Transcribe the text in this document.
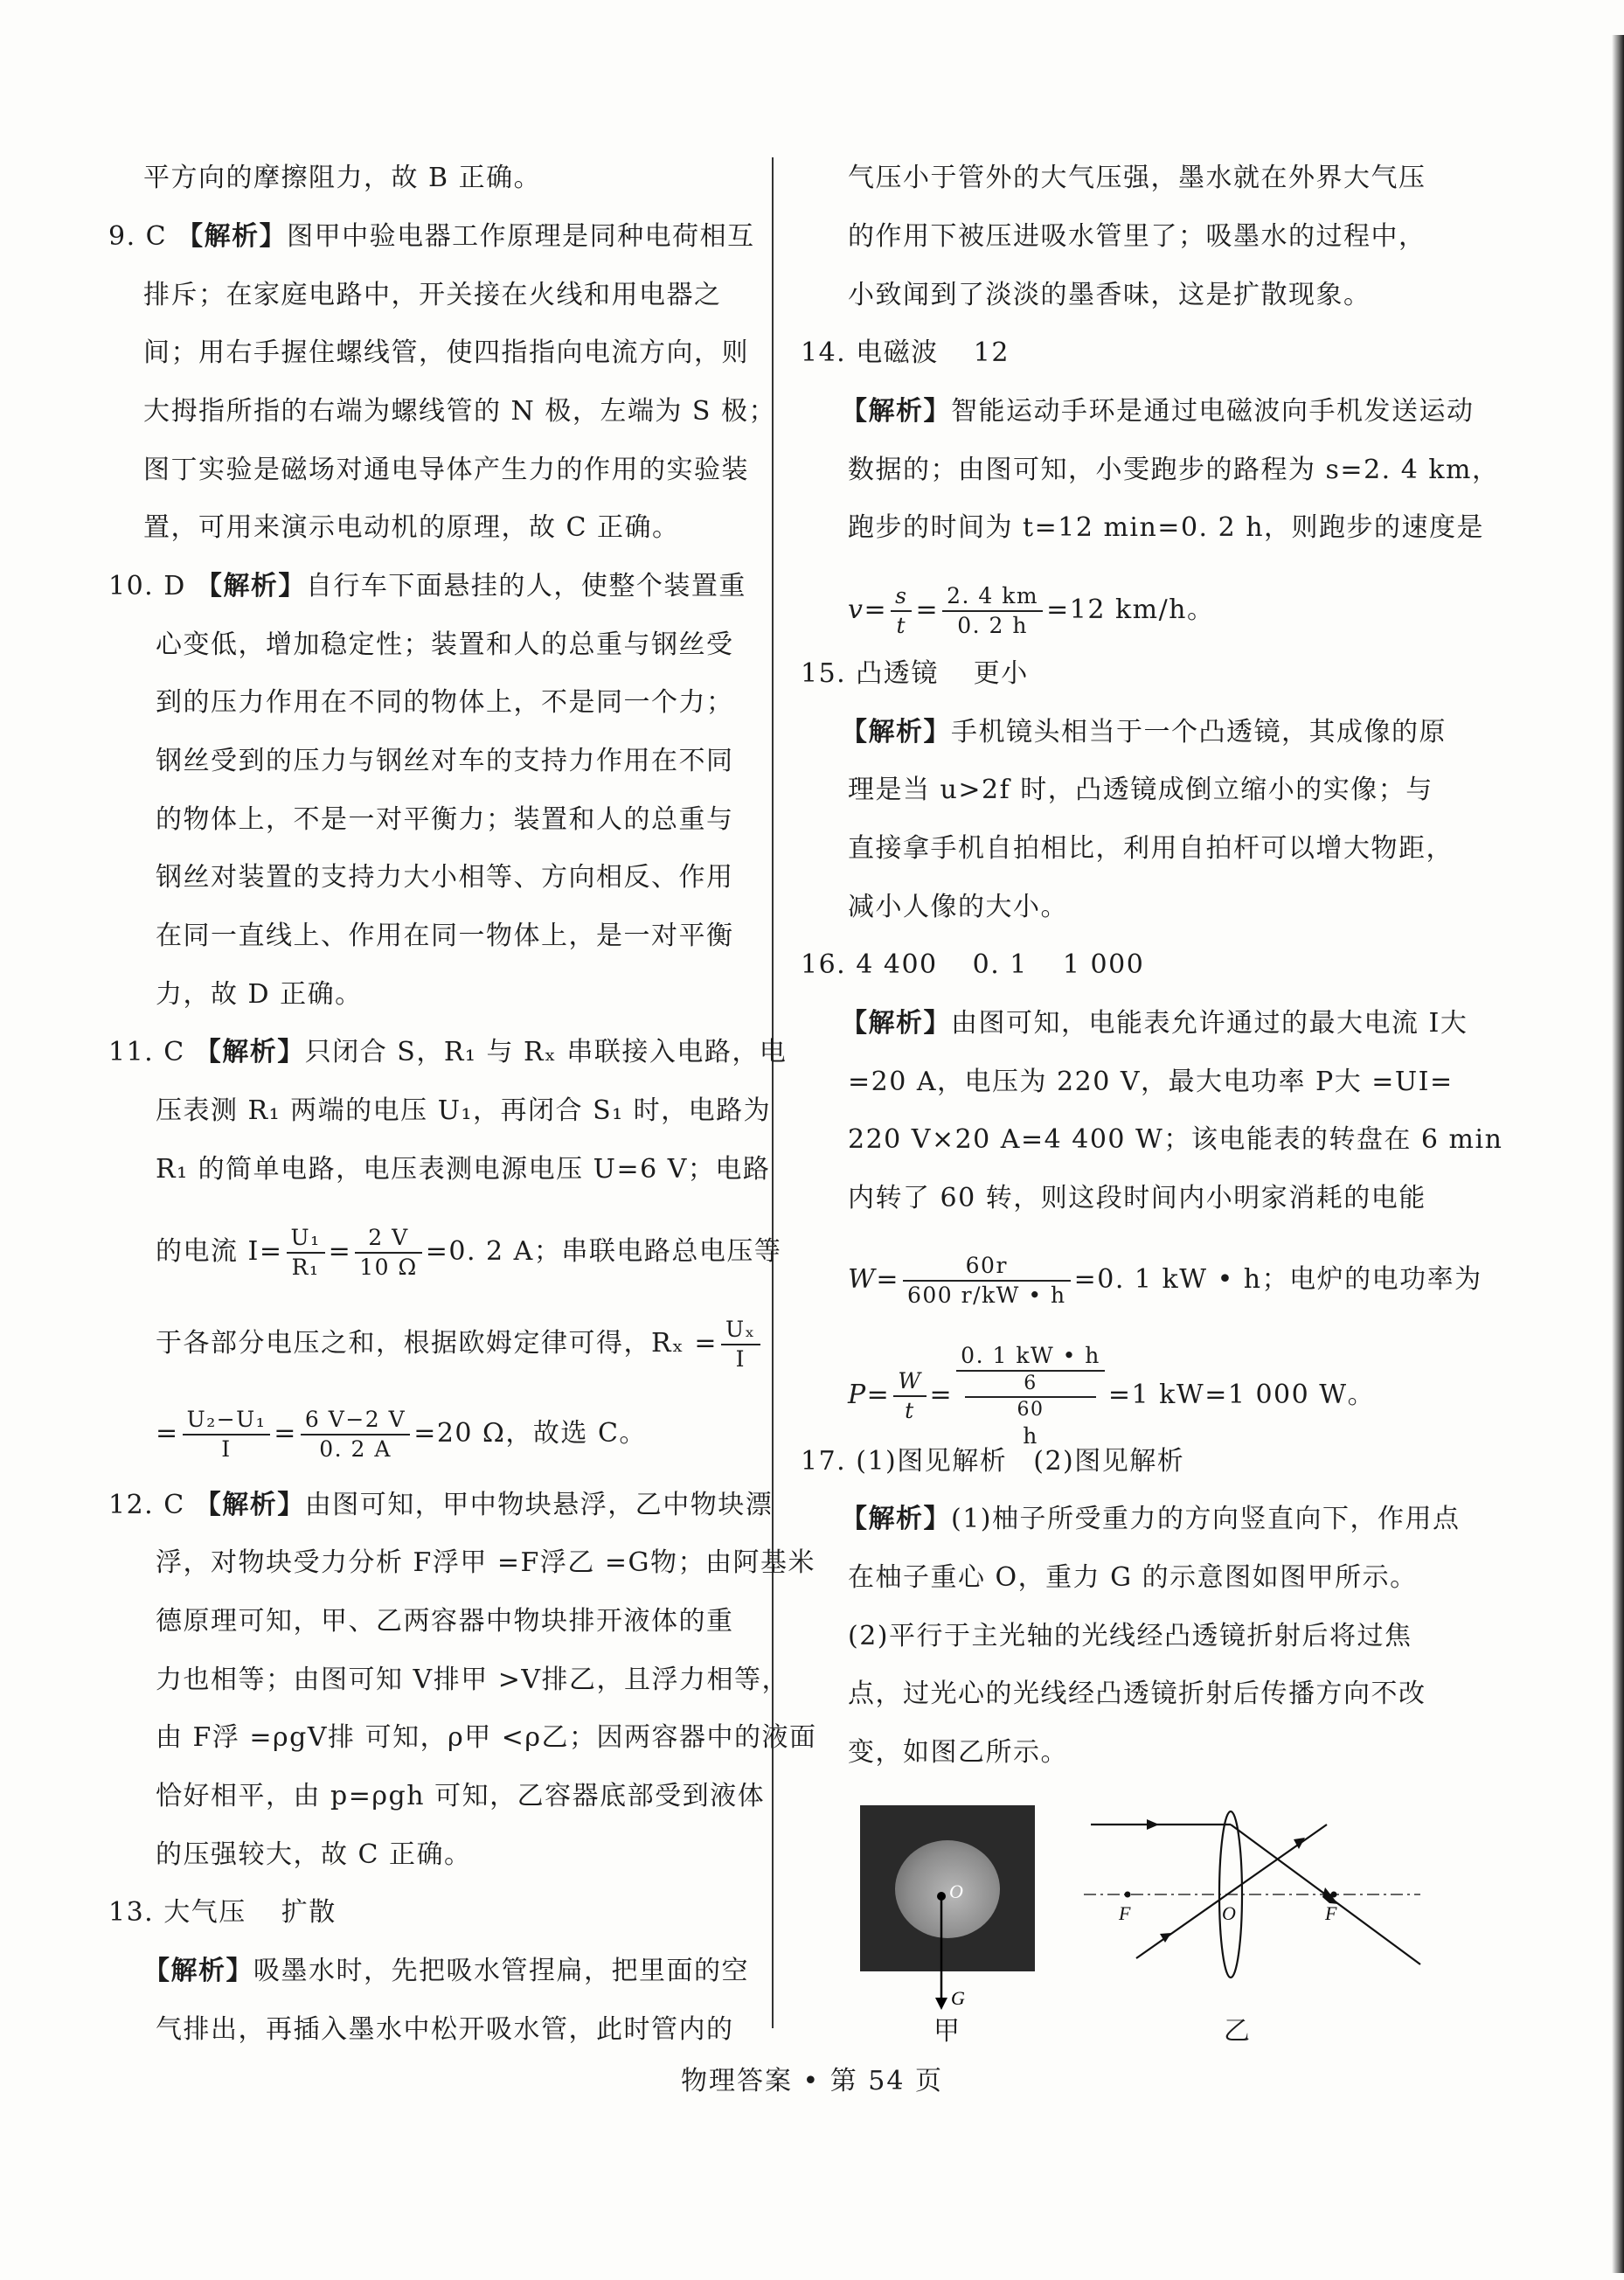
平方向的摩擦阻力，故 B 正确。
9. C 【解析】图甲中验电器工作原理是同种电荷相互
排斥；在家庭电路中，开关接在火线和用电器之
间；用右手握住螺线管，使四指指向电流方向，则
大拇指所指的右端为螺线管的 N 极，左端为 S 极；
图丁实验是磁场对通电导体产生力的作用的实验装
置，可用来演示电动机的原理，故 C 正确。
10. D 【解析】自行车下面悬挂的人，使整个装置重
心变低，增加稳定性；装置和人的总重与钢丝受
到的压力作用在不同的物体上，不是同一个力；
钢丝受到的压力与钢丝对车的支持力作用在不同
的物体上，不是一对平衡力；装置和人的总重与
钢丝对装置的支持力大小相等、方向相反、作用
在同一直线上、作用在同一物体上，是一对平衡
力，故 D 正确。
11. C 【解析】只闭合 S，R₁ 与 Rₓ 串联接入电路，电
压表测 R₁ 两端的电压 U₁，再闭合 S₁ 时，电路为
R₁ 的简单电路，电压表测电源电压 U=6 V；电路
的电流 $I= \frac{\text{U₁}}{\text{R₁}} = \frac{2 V}{10 \Omega} =0$. 2 A；串联电路总电压等
于各部分电压之和，根据欧姆定律可得，$R_x = \frac{\text{Uₓ}}{I}$
= $\frac{\text{U₂−U₁}}{I} = \frac{6 V-2 V}{0. 2 A} =20$ Ω，故选 C。
12. C 【解析】由图可知，甲中物块悬浮，乙中物块漂
浮，对物块受力分析 F浮甲 =F浮乙 =G物；由阿基米
德原理可知，甲、乙两容器中物块排开液体的重
力也相等；由图可知 V排甲 >V排乙，且浮力相等，
由 F浮 =ρgV排 可知，ρ甲 <ρ乙；因两容器中的液面
恰好相平，由 p=ρgh 可知，乙容器底部受到液体
的压强较大，故 C 正确。
13. 大气压 扩散
【解析】吸墨水时，先把吸水管捏扁，把里面的空
气排出，再插入墨水中松开吸水管，此时管内的
气压小于管外的大气压强，墨水就在外界大气压
的作用下被压进吸水管里了；吸墨水的过程中，
小致闻到了淡淡的墨香味，这是扩散现象。
14. 电磁波 12
【解析】智能运动手环是通过电磁波向手机发送运动
数据的；由图可知，小雯跑步的路程为 s=2. 4 km，
跑步的时间为 t=12 min=0. 2 h，则跑步的速度是
$v= \frac{s}{t} = \frac{2. 4 km}{0. 2 h} =12$ km/h。
15. 凸透镜 更小
【解析】手机镜头相当于一个凸透镜，其成像的原
理是当 u>2f 时，凸透镜成倒立缩小的实像；与
直接拿手机自拍相比，利用自拍杆可以增大物距，
减小人像的大小。
16. 4 400 0. 1 1 000
【解析】由图可知，电能表允许通过的最大电流 I大
=20 A，电压为 220 V，最大电功率 P大 =UI=
220 V×20 A=4 400 W；该电能表的转盘在 6 min
内转了 60 转，则这段时间内小明家消耗的电能
$W= \frac{60r}{600 r/kW • h} =0$. 1 kW • h；电炉的电功率为
$P= \frac{W}{t} = 0$. 1 kW • h
6
60
h =1 kW=1 000 W。
17. (1)图见解析 (2)图见解析
【解析】(1)柚子所受重力的方向竖直向下，作用点
在柚子重心 O，重力 G 的示意图如图甲所示。
(2)平行于主光轴的光线经凸透镜折射后将过焦
点，过光心的光线经凸透镜折射后传播方向不改
变，如图乙所示。
O
G
甲
F	O	F
乙
物理答案 • 第 54 页
